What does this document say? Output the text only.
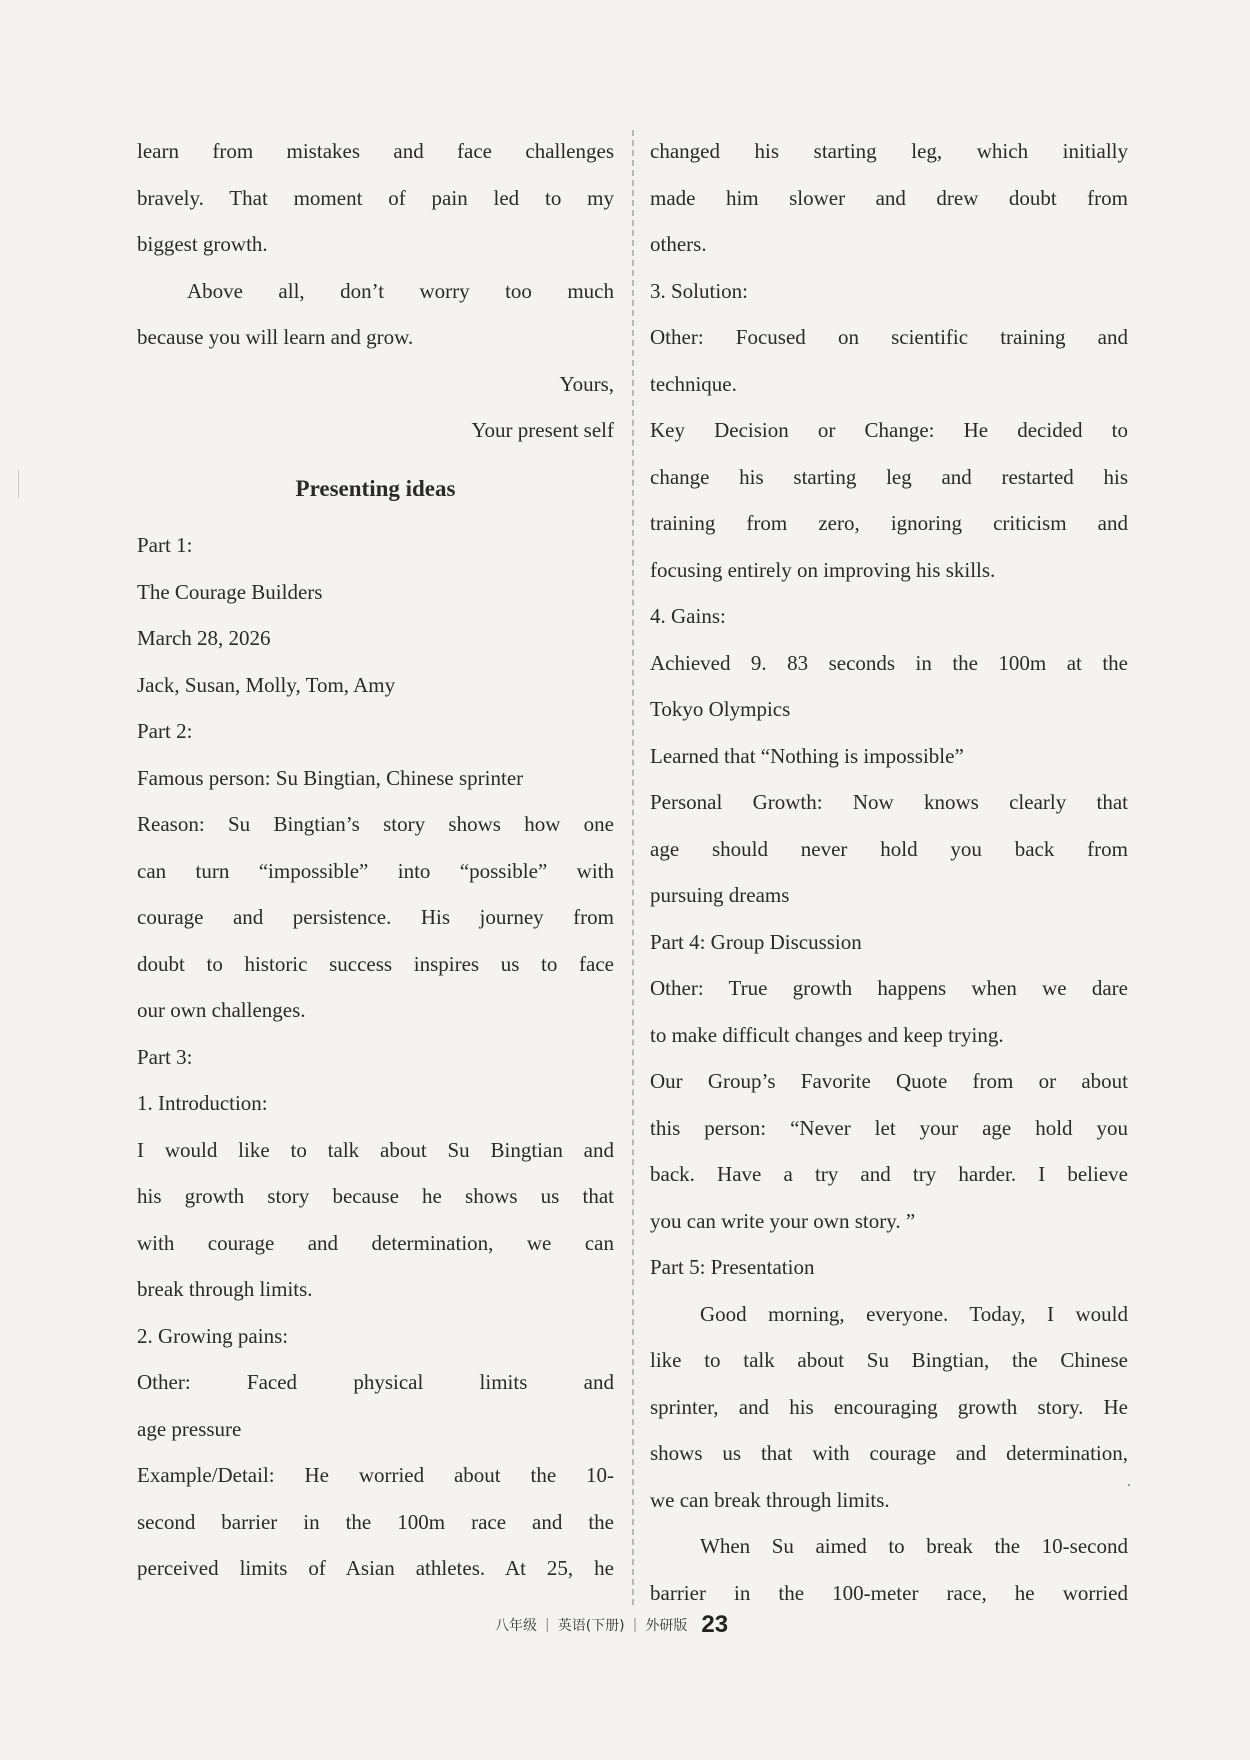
learn from mistakes and face challenges

bravely. That moment of pain led to my

biggest growth.

Above all, don’t worry too much

because you will learn and grow.

Yours,

Your present self

Presenting ideas

Part 1:

The Courage Builders

March 28, 2026

Jack, Susan, Molly, Tom, Amy

Part 2:

Famous person: Su Bingtian, Chinese sprinter

Reason: Su Bingtian’s story shows how one

can turn “impossible” into “possible” with

courage and persistence. His journey from

doubt to historic success inspires us to face

our own challenges.

Part 3:

1. Introduction:

I would like to talk about Su Bingtian and

his growth story because he shows us that

with courage and determination, we can

break through limits.

2. Growing pains:

Other: Faced physical limits and

age pressure

Example/Detail: He worried about the 10-

second barrier in the 100m race and the

perceived limits of Asian athletes. At 25, he

changed his starting leg, which initially

made him slower and drew doubt from

others.

3. Solution:

Other: Focused on scientific training and

technique.

Key Decision or Change: He decided to

change his starting leg and restarted his

training from zero, ignoring criticism and

focusing entirely on improving his skills.

4. Gains:

Achieved 9. 83 seconds in the 100m at the

Tokyo Olympics

Learned that “Nothing is impossible”

Personal Growth: Now knows clearly that

age should never hold you back from

pursuing dreams

Part 4: Group Discussion

Other: True growth happens when we dare

to make difficult changes and keep trying.

Our Group’s Favorite Quote from or about

this person: “Never let your age hold you

back. Have a try and try harder. I believe

you can write your own story. ”

Part 5: Presentation

Good morning, everyone. Today, I would

like to talk about Su Bingtian, the Chinese

sprinter, and his encouraging growth story. He

shows us that with courage and determination,

we can break through limits.

When Su aimed to break the 10-second

barrier in the 100-meter race, he worried

八年级 | 英语(下册) | 外研版 23
